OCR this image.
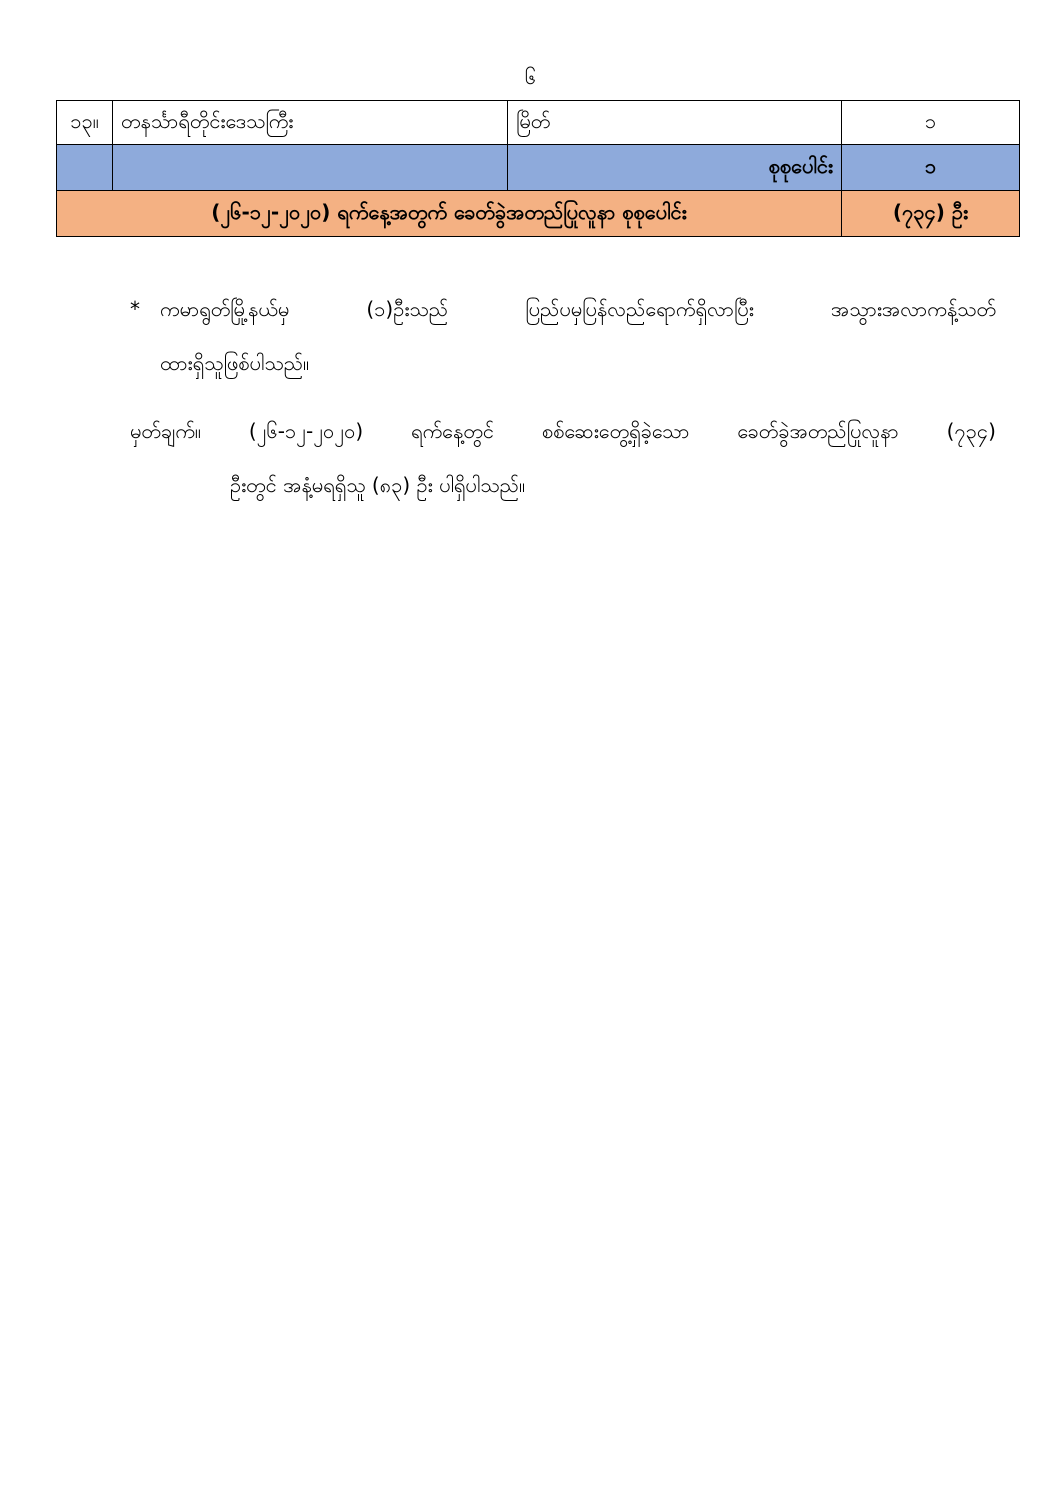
၆
၁၃။	တနင်္သာရီတိုင်းဒေသကြီး	မြိတ်	၁
		စုစုပေါင်း	၁
(၂၆-၁၂-၂၀၂၀) ရက်နေ့အတွက် ခေတ်ခွဲအတည်ပြုလူနာ စုစုပေါင်း			(၇၃၄) ဦး
* ကမာရွတ်မြို့နယ်မှ (၁)ဦးသည် ပြည်ပမှပြန်လည်ရောက်ရှိလာပြီး အသွားအလာကန့်သတ်
ထားရှိသူဖြစ်ပါသည်။
မှတ်ချက်။ (၂၆-၁၂-၂၀၂၀) ရက်နေ့တွင် စစ်ဆေးတွေ့ရှိခဲ့သော ခေတ်ခွဲအတည်ပြုလူနာ (၇၃၄)
ဦးတွင် အနံ့မရရှိသူ (၈၃) ဦး ပါရှိပါသည်။
